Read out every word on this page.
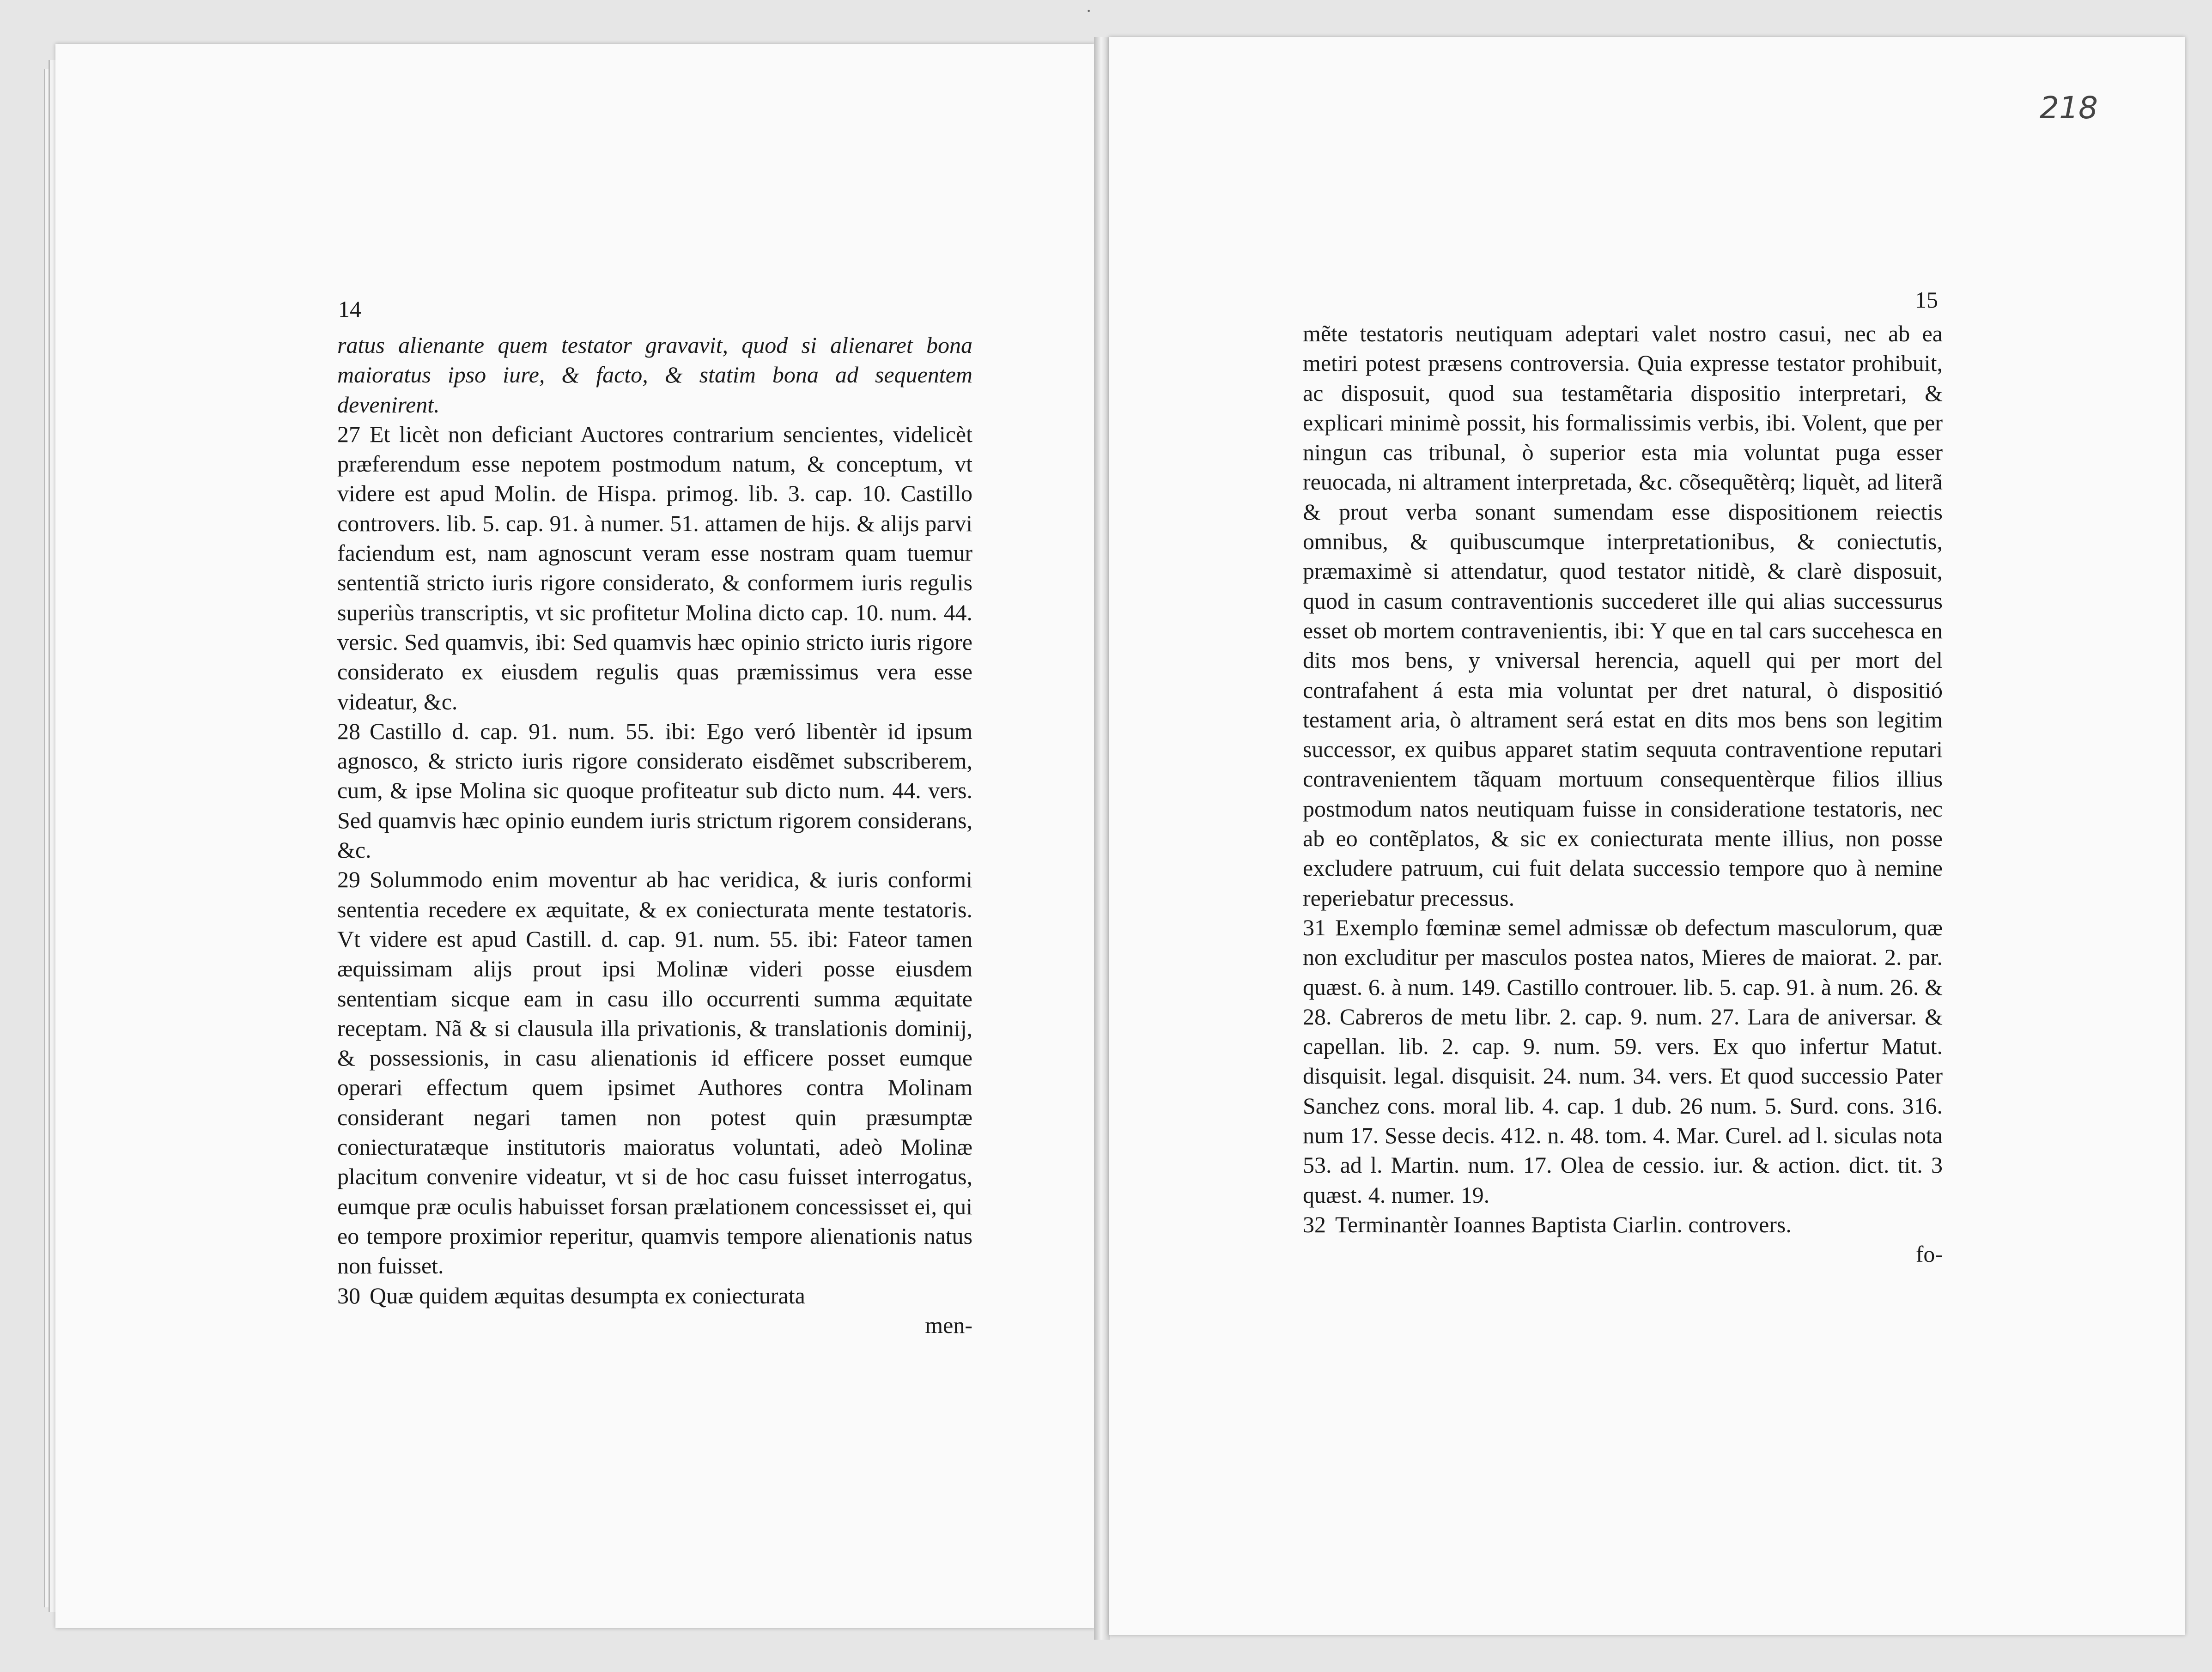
·
14

ratus alienante quem testator gravavit, quod si alienaret bona maioratus ipso iure, & facto, & statim bona ad sequentem devenirent.

27 Et licèt non deficiant Auctores contrarium sencientes, videlicèt præferendum esse nepotem postmodum natum, & conceptum, vt videre est apud Molin. de Hispa. primog. lib. 3. cap. 10. Castillo controvers. lib. 5. cap. 91. à numer. 51. attamen de hijs. & alijs parvi faciendum est, nam agnoscunt veram esse nostram quam tuemur sententiã stricto iuris rigore considerato, & conformem iuris regulis superiùs transcriptis, vt sic profitetur Molina dicto cap. 10. num. 44. versic. Sed quamvis, ibi: Sed quamvis hæc opinio stricto iuris rigore considerato ex eiusdem regulis quas præmissimus vera esse videatur, &c.

28 Castillo d. cap. 91. num. 55. ibi: Ego veró libentèr id ipsum agnosco, & stricto iuris rigore considerato eisdẽmet subscriberem, cum, & ipse Molina sic quoque profiteatur sub dicto num. 44. vers. Sed quamvis hæc opinio eundem iuris strictum rigorem considerans, &c.

29 Solummodo enim moventur ab hac veridica, & iuris conformi sententia recedere ex æquitate, & ex coniecturata mente testatoris. Vt videre est apud Castill. d. cap. 91. num. 55. ibi: Fateor tamen æquissimam alijs prout ipsi Molinæ videri posse eiusdem sententiam sicque eam in casu illo occurrenti summa æquitate receptam. Nã & si clausula illa privationis, & translationis dominij, & possessionis, in casu alienationis id efficere posset eumque operari effectum quem ipsimet Authores contra Molinam considerant negari tamen non potest quin præsumptæ coniecturatæque institutoris maioratus voluntati, adeò Molinæ placitum convenire videatur, vt si de hoc casu fuisset interrogatus, eumque præ oculis habuisset forsan prælationem concessisset ei, qui eo tempore proximior reperitur, quamvis tempore alienationis natus non fuisset.

30 Quæ quidem æquitas desumpta ex coniecturata

men-

218
15

mẽte testatoris neutiquam adeptari valet nostro casui, nec ab ea metiri potest præsens controversia. Quia expresse testator prohibuit, ac disposuit, quod sua testamẽtaria dispositio interpretari, & explicari minimè possit, his formalissimis verbis, ibi. Volent, que per ningun cas tribunal, ò superior esta mia voluntat puga esser reuocada, ni altrament interpretada, &c. cõsequẽtèrq; liquèt, ad literã & prout verba sonant sumendam esse dispositionem reiectis omnibus, & quibuscumque interpretationibus, & coniectutis, præmaximè si attendatur, quod testator nitidè, & clarè disposuit, quod in casum contraventionis succederet ille qui alias successurus esset ob mortem contravenientis, ibi: Y que en tal cars succehesca en dits mos bens, y vniversal herencia, aquell qui per mort del contrafahent á esta mia voluntat per dret natural, ò dispositió testament aria, ò altrament será estat en dits mos bens son legitim successor, ex quibus apparet statim sequuta contraventione reputari contravenientem tãquam mortuum consequentèrque filios illius postmodum natos neutiquam fuisse in consideratione testatoris, nec ab eo contẽplatos, & sic ex coniecturata mente illius, non posse excludere patruum, cui fuit delata successio tempore quo à nemine reperiebatur precessus.

31 Exemplo fœminæ semel admissæ ob defectum masculorum, quæ non excluditur per masculos postea natos, Mieres de maiorat. 2. par. quæst. 6. à num. 149. Castillo controuer. lib. 5. cap. 91. à num. 26. & 28. Cabreros de metu libr. 2. cap. 9. num. 27. Lara de aniversar. & capellan. lib. 2. cap. 9. num. 59. vers. Ex quo infertur Matut. disquisit. legal. disquisit. 24. num. 34. vers. Et quod successio Pater Sanchez cons. moral lib. 4. cap. 1 dub. 26 num. 5. Surd. cons. 316. num 17. Sesse decis. 412. n. 48. tom. 4. Mar. Curel. ad l. siculas nota 53. ad l. Martin. num. 17. Olea de cessio. iur. & action. dict. tit. 3 quæst. 4. numer. 19.

32 Terminantèr Ioannes Baptista Ciarlin. controvers.

fo-
